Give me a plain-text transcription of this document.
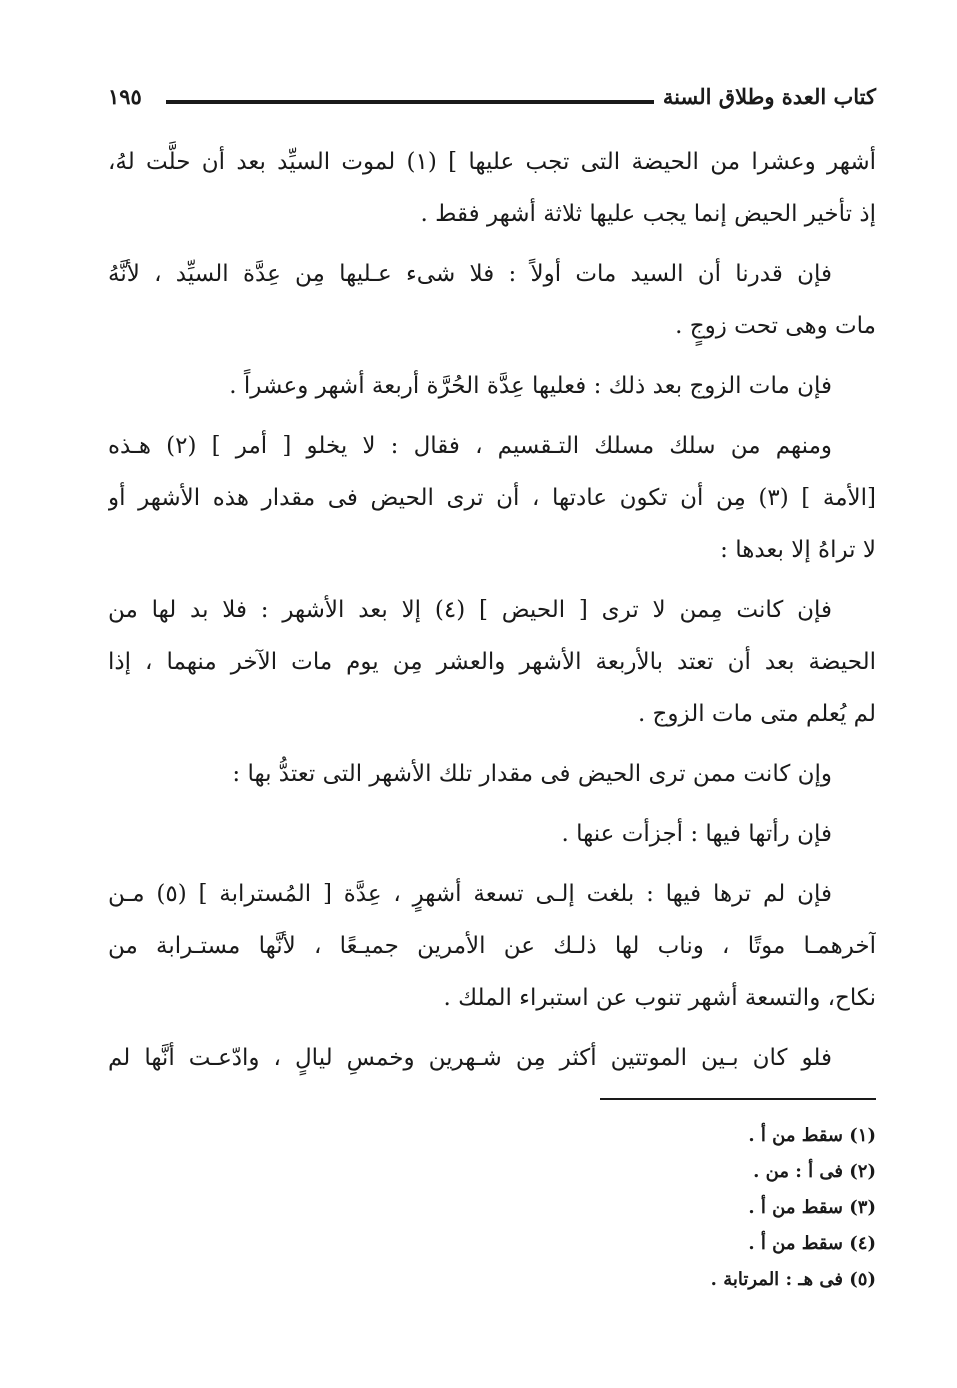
كتاب العدة وطلاق السنة
١٩٥
أشهر وعشرا من الحيضة التى تجب عليها ] (١) لموت السيِّد بعد أن حلَّت لهُ،
إذ تأخير الحيض إنما يجب عليها ثلاثة أشهر فقط .
فإن قدرنا أن السيد مات أولاً : فلا شىء عـليها مِن عِدَّة السيِّد ، لأنَّهُ
مات وهى تحت زوجٍ .
فإن مات الزوج بعد ذلك : فعليها عِدَّة الحُرَّة أربعة أشهر وعشراً .
ومنهم من سلك مسلك التـقسيم ، فقال : لا يخلو [ أمر ] (٢) هـذه
[الأمة ] (٣) مِن أن تكون عادتها ، أن ترى الحيض فى مقدار هذه الأشهر أو
لا تراهُ إلا بعدها :
فإن كانت مِمن لا ترى [ الحيض ] (٤) إلا بعد الأشهر : فلا بد لها من
الحيضة بعد أن تعتد بالأربعة الأشهر والعشر مِن يوم مات الآخر منهما ، إذا
لم يُعلم متى مات الزوج .
وإن كانت ممن ترى الحيض فى مقدار تلك الأشهر التى تعتدُّ بها :
فإن رأتها فيها : أجزأت عنها .
فإن لم ترها فيها : بلغت إلـى تسعة أشهرٍ ، عِدَّة [ المُسترابة ] (٥) مـن
آخرهمـا موتًا ، وناب لها ذلـك عن الأمرين جميـعًا ، لأنَّها مستـرابة من
نكاح، والتسعة أشهر تنوب عن استبراء الملك .
فلو كان بـين الموتتين أكثر مِن شـهرين وخمسِ ليالٍ ، وادّعـت أنَّها لم
(١) سقط من أ .
(٢) فى أ : من .
(٣) سقط من أ .
(٤) سقط من أ .
(٥) فى هـ : المرتابة .
